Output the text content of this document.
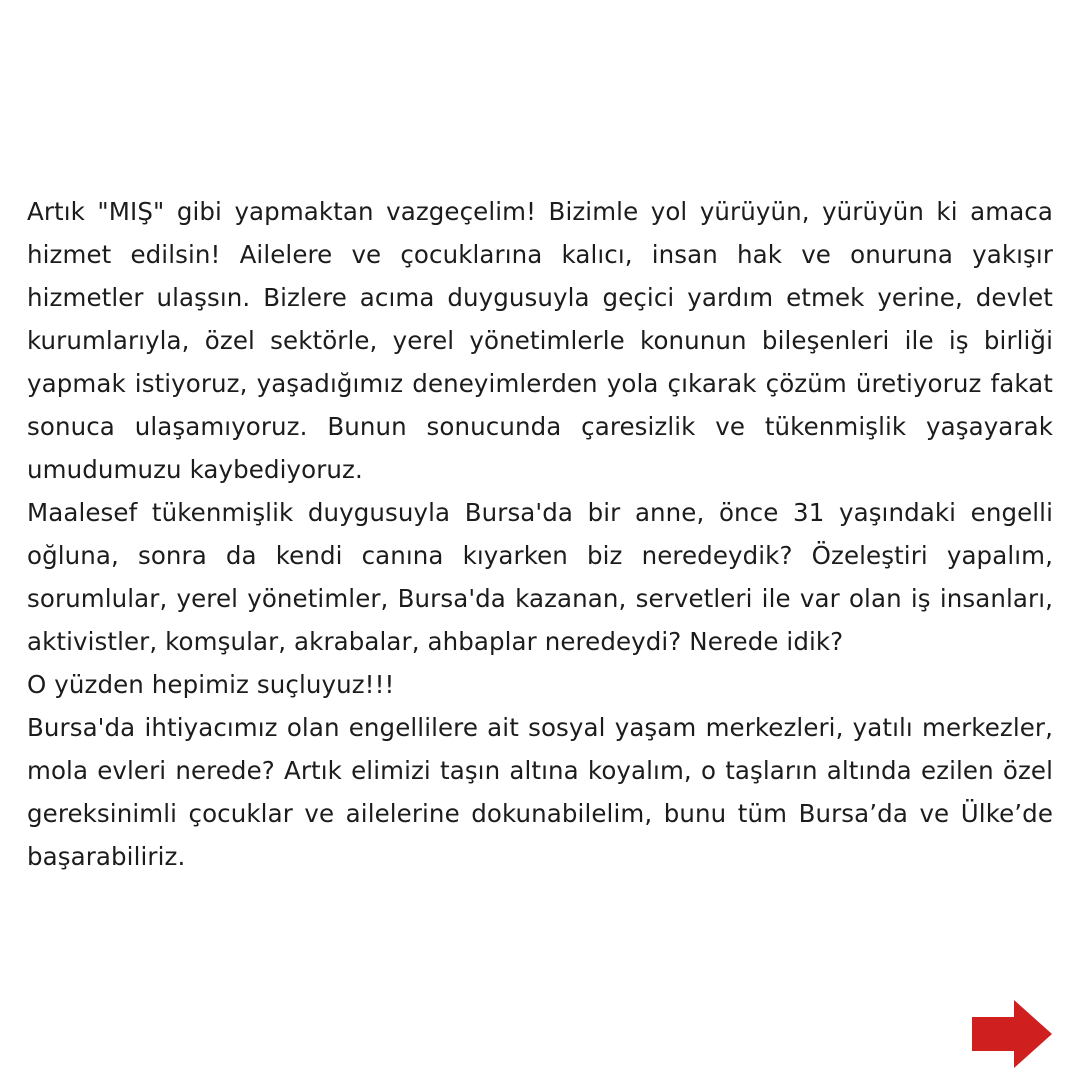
Artık "MIŞ" gibi yapmaktan vazgeçelim! Bizimle yol yürüyün, yürüyün ki amaca hizmet edilsin! Ailelere ve çocuklarına kalıcı, insan hak ve onuruna yakışır hizmetler ulaşsın. Bizlere acıma duygusuyla geçici yardım etmek yerine, devlet kurumlarıyla, özel sektörle, yerel yönetimlerle konunun bileşenleri ile iş birliği yapmak istiyoruz, yaşadığımız deneyimlerden yola çıkarak çözüm üretiyoruz fakat sonuca ulaşamıyoruz. Bunun sonucunda çaresizlik ve tükenmişlik yaşayarak umudumuzu kaybediyoruz.

Maalesef tükenmişlik duygusuyla Bursa'da bir anne, önce 31 yaşındaki engelli oğluna, sonra da kendi canına kıyarken biz neredeydik? Özeleştiri yapalım, sorumlular, yerel yönetimler, Bursa'da kazanan, servetleri ile var olan iş insanları, aktivistler, komşular, akrabalar, ahbaplar neredeydi? Nerede idik?

O yüzden hepimiz suçluyuz!!!

Bursa'da ihtiyacımız olan engellilere ait sosyal yaşam merkezleri, yatılı merkezler, mola evleri nerede? Artık elimizi taşın altına koyalım, o taşların altında ezilen özel gereksinimli çocuklar ve ailelerine dokunabilelim, bunu tüm Bursa’da ve Ülke’de başarabiliriz.
